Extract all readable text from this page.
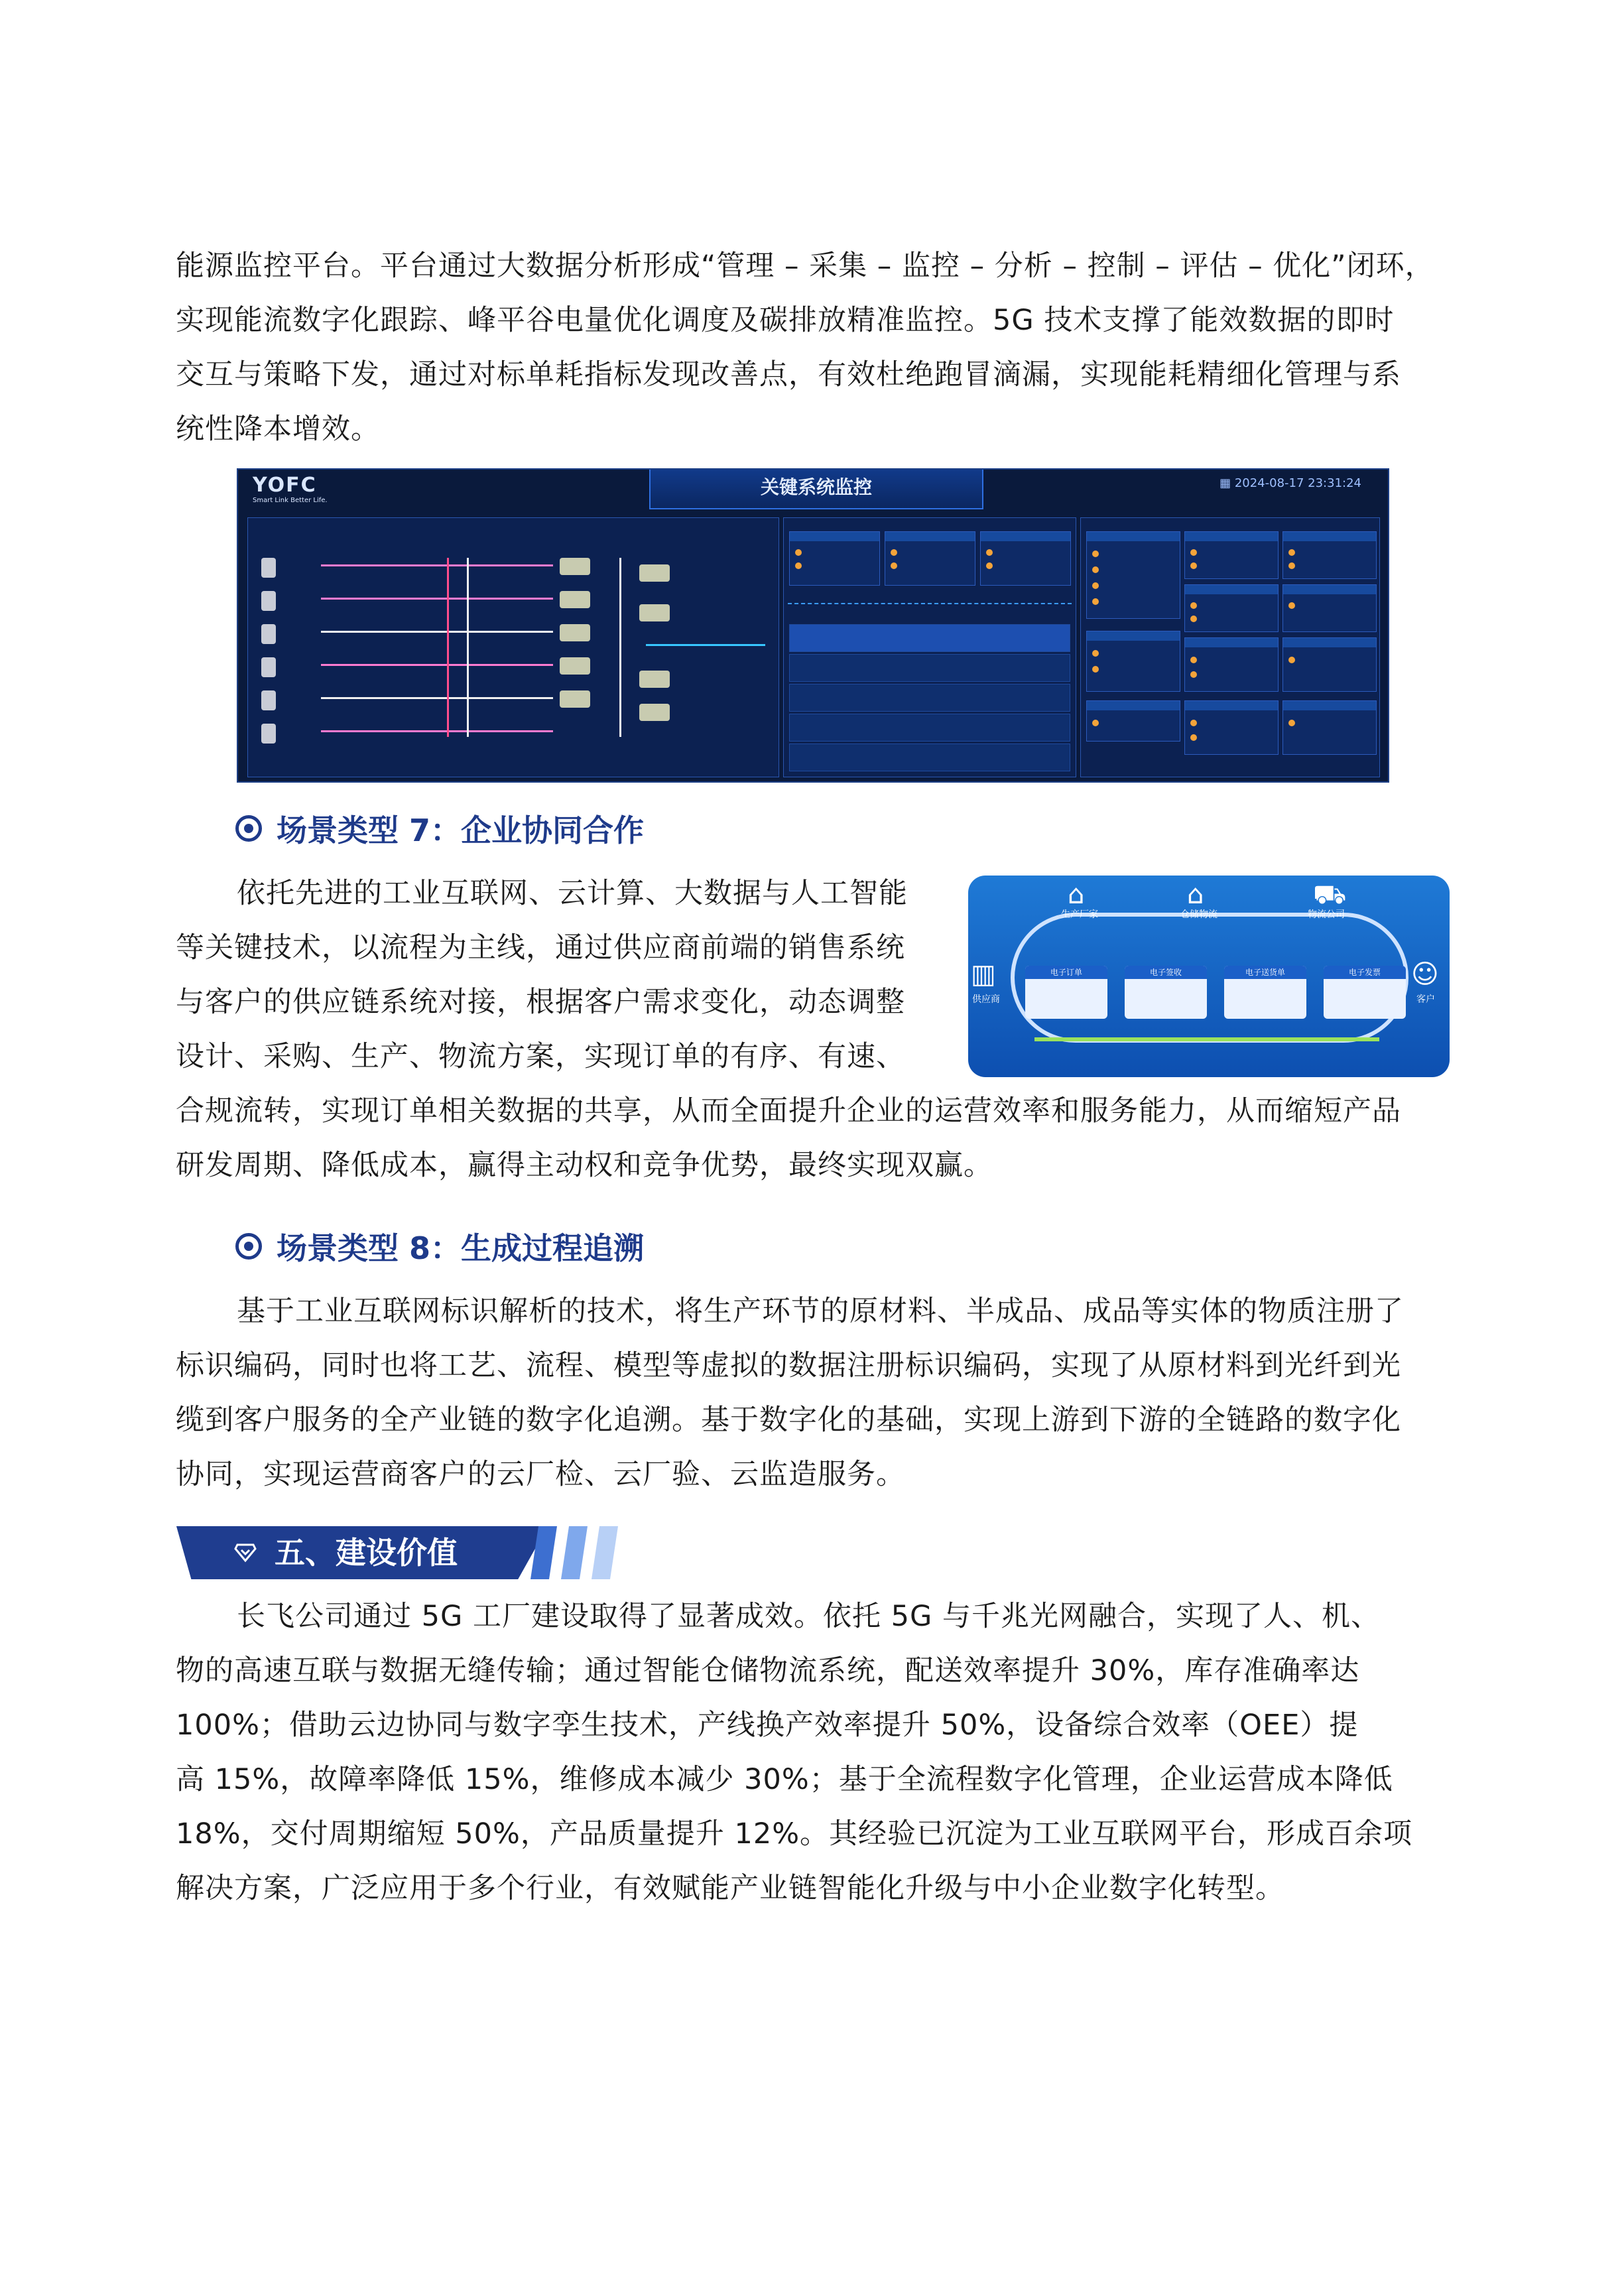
能源监控平台。平台通过大数据分析形成“管理 – 采集 – 监控 – 分析 – 控制 – 评估 – 优化”闭环，
实现能流数字化跟踪、峰平谷电量优化调度及碳排放精准监控。5G 技术支撑了能效数据的即时
交互与策略下发，通过对标单耗指标发现改善点，有效杜绝跑冒滴漏，实现能耗精细化管理与系
统性降本增效。
YOFC
Smart Link Better Life.
关键系统监控	▦ 2024-08-17 23:31:24
场景类型 7：企业协同合作
依托先进的工业互联网、云计算、大数据与人工智能
等关键技术，以流程为主线，通过供应商前端的销售系统
与客户的供应链系统对接，根据客户需求变化，动态调整
设计、采购、生产、物流方案，实现订单的有序、有速、
合规流转，实现订单相关数据的共享，从而全面提升企业的运营效率和服务能力，从而缩短产品
研发周期、降低成本，赢得主动权和竞争优势，最终实现双赢。
⌂	⌂	⛟
生产厂家	仓储物流	物流公司
▥
供应商
☺
客户
电子订单	电子签收	电子送货单	电子发票
场景类型 8：生成过程追溯
基于工业互联网标识解析的技术，将生产环节的原材料、半成品、成品等实体的物质注册了
标识编码，同时也将工艺、流程、模型等虚拟的数据注册标识编码，实现了从原材料到光纤到光
缆到客户服务的全产业链的数字化追溯。基于数字化的基础，实现上游到下游的全链路的数字化
协同，实现运营商客户的云厂检、云厂验、云监造服务。
五、建设价值
长飞公司通过 5G 工厂建设取得了显著成效。依托 5G 与千兆光网融合，实现了人、机、
物的高速互联与数据无缝传输；通过智能仓储物流系统，配送效率提升 30%，库存准确率达
100%；借助云边协同与数字孪生技术，产线换产效率提升 50%，设备综合效率（OEE）提
高 15%，故障率降低 15%，维修成本减少 30%；基于全流程数字化管理，企业运营成本降低
18%，交付周期缩短 50%，产品质量提升 12%。其经验已沉淀为工业互联网平台，形成百余项
解决方案，广泛应用于多个行业，有效赋能产业链智能化升级与中小企业数字化转型。
